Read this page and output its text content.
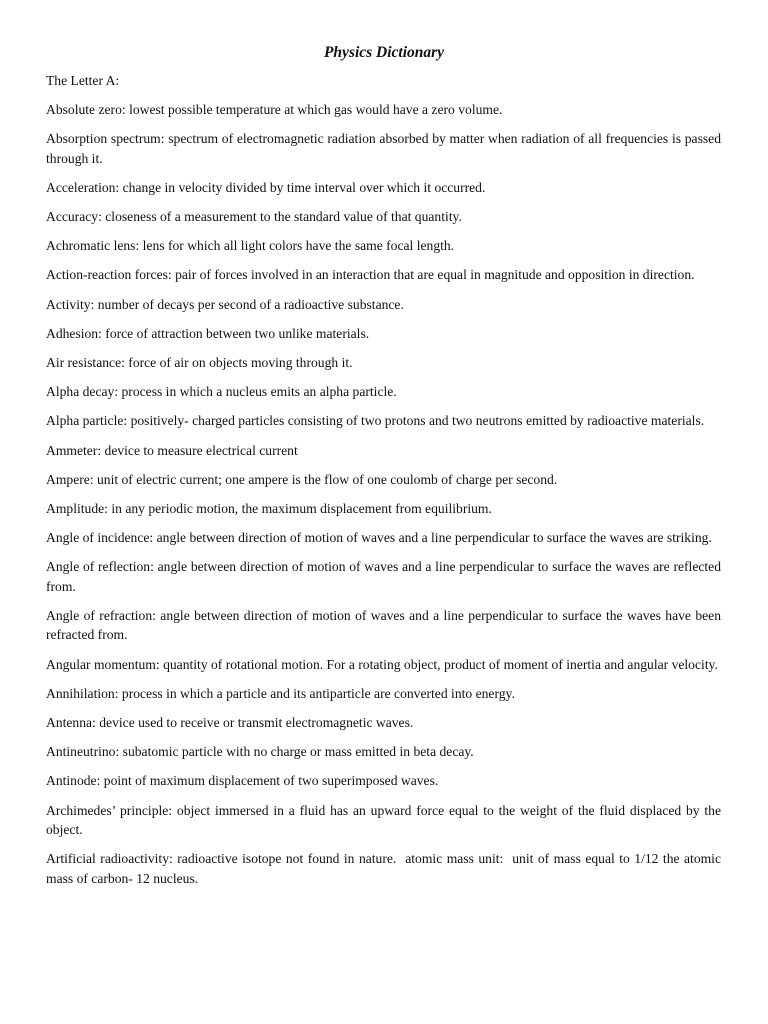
Physics Dictionary

The Letter A:

Absolute zero: lowest possible temperature at which gas would have a zero volume.

Absorption spectrum: spectrum of electromagnetic radiation absorbed by matter when radiation of all frequencies is passed through it.

Acceleration: change in velocity divided by time interval over which it occurred.

Accuracy: closeness of a measurement to the standard value of that quantity.

Achromatic lens: lens for which all light colors have the same focal length.

Action-reaction forces: pair of forces involved in an interaction that are equal in magnitude and opposition in direction.

Activity: number of decays per second of a radioactive substance.

Adhesion: force of attraction between two unlike materials.

Air resistance: force of air on objects moving through it.

Alpha decay: process in which a nucleus emits an alpha particle.

Alpha particle: positively- charged particles consisting of two protons and two neutrons emitted by radioactive materials.

Ammeter: device to measure electrical current

Ampere: unit of electric current; one ampere is the flow of one coulomb of charge per second.

Amplitude: in any periodic motion, the maximum displacement from equilibrium.

Angle of incidence: angle between direction of motion of waves and a line perpendicular to surface the waves are striking.

Angle of reflection: angle between direction of motion of waves and a line perpendicular to surface the waves are reflected from.

Angle of refraction: angle between direction of motion of waves and a line perpendicular to surface the waves have been refracted from.

Angular momentum: quantity of rotational motion. For a rotating object, product of moment of inertia and angular velocity.

Annihilation: process in which a particle and its antiparticle are converted into energy.

Antenna: device used to receive or transmit electromagnetic waves.

Antineutrino: subatomic particle with no charge or mass emitted in beta decay.

Antinode: point of maximum displacement of two superimposed waves.

Archimedes’ principle: object immersed in a fluid has an upward force equal to the weight of the fluid displaced by the object.

Artificial radioactivity: radioactive isotope not found in nature.  atomic mass unit:  unit of mass equal to 1/12 the atomic mass of carbon- 12 nucleus.
